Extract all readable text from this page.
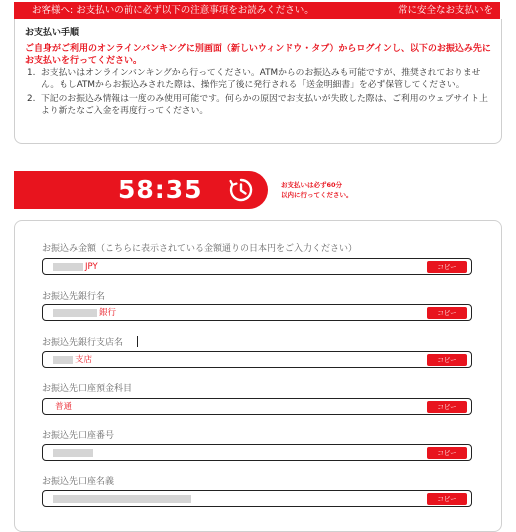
お客様へ: お支払いの前に必ず以下の注意事項をお読みください。	常に安全なお支払いを
お支払い手順
ご自身がご利用のオンラインバンキングに別画面（新しいウィンドウ・タブ）からログインし、以下のお振込み先にお支払いを行ってください。
1. お支払いはオンラインバンキングから行ってください。ATMからのお振込みも可能ですが、推奨されておりません。もしATMからお振込みされた際は、操作完了後に発行される「送金明細書」を必ず保管してください。
2. 下記のお振込み情報は一度のみ使用可能です。何らかの原因でお支払いが失敗した際は、ご利用のウェブサイト上より新たなご入金を再度行ってください。
58:35	お支払いは必ず60分
以内に行ってください。
お振込み金額（こちらに表示されている金額通りの日本円をご入力ください）
JPY	コピー
お振込先銀行名
銀行	コピー
お振込先銀行支店名
支店	コピー
お振込先口座預金科目
普通	コピー
お振込先口座番号
コピー
お振込先口座名義
コピー
